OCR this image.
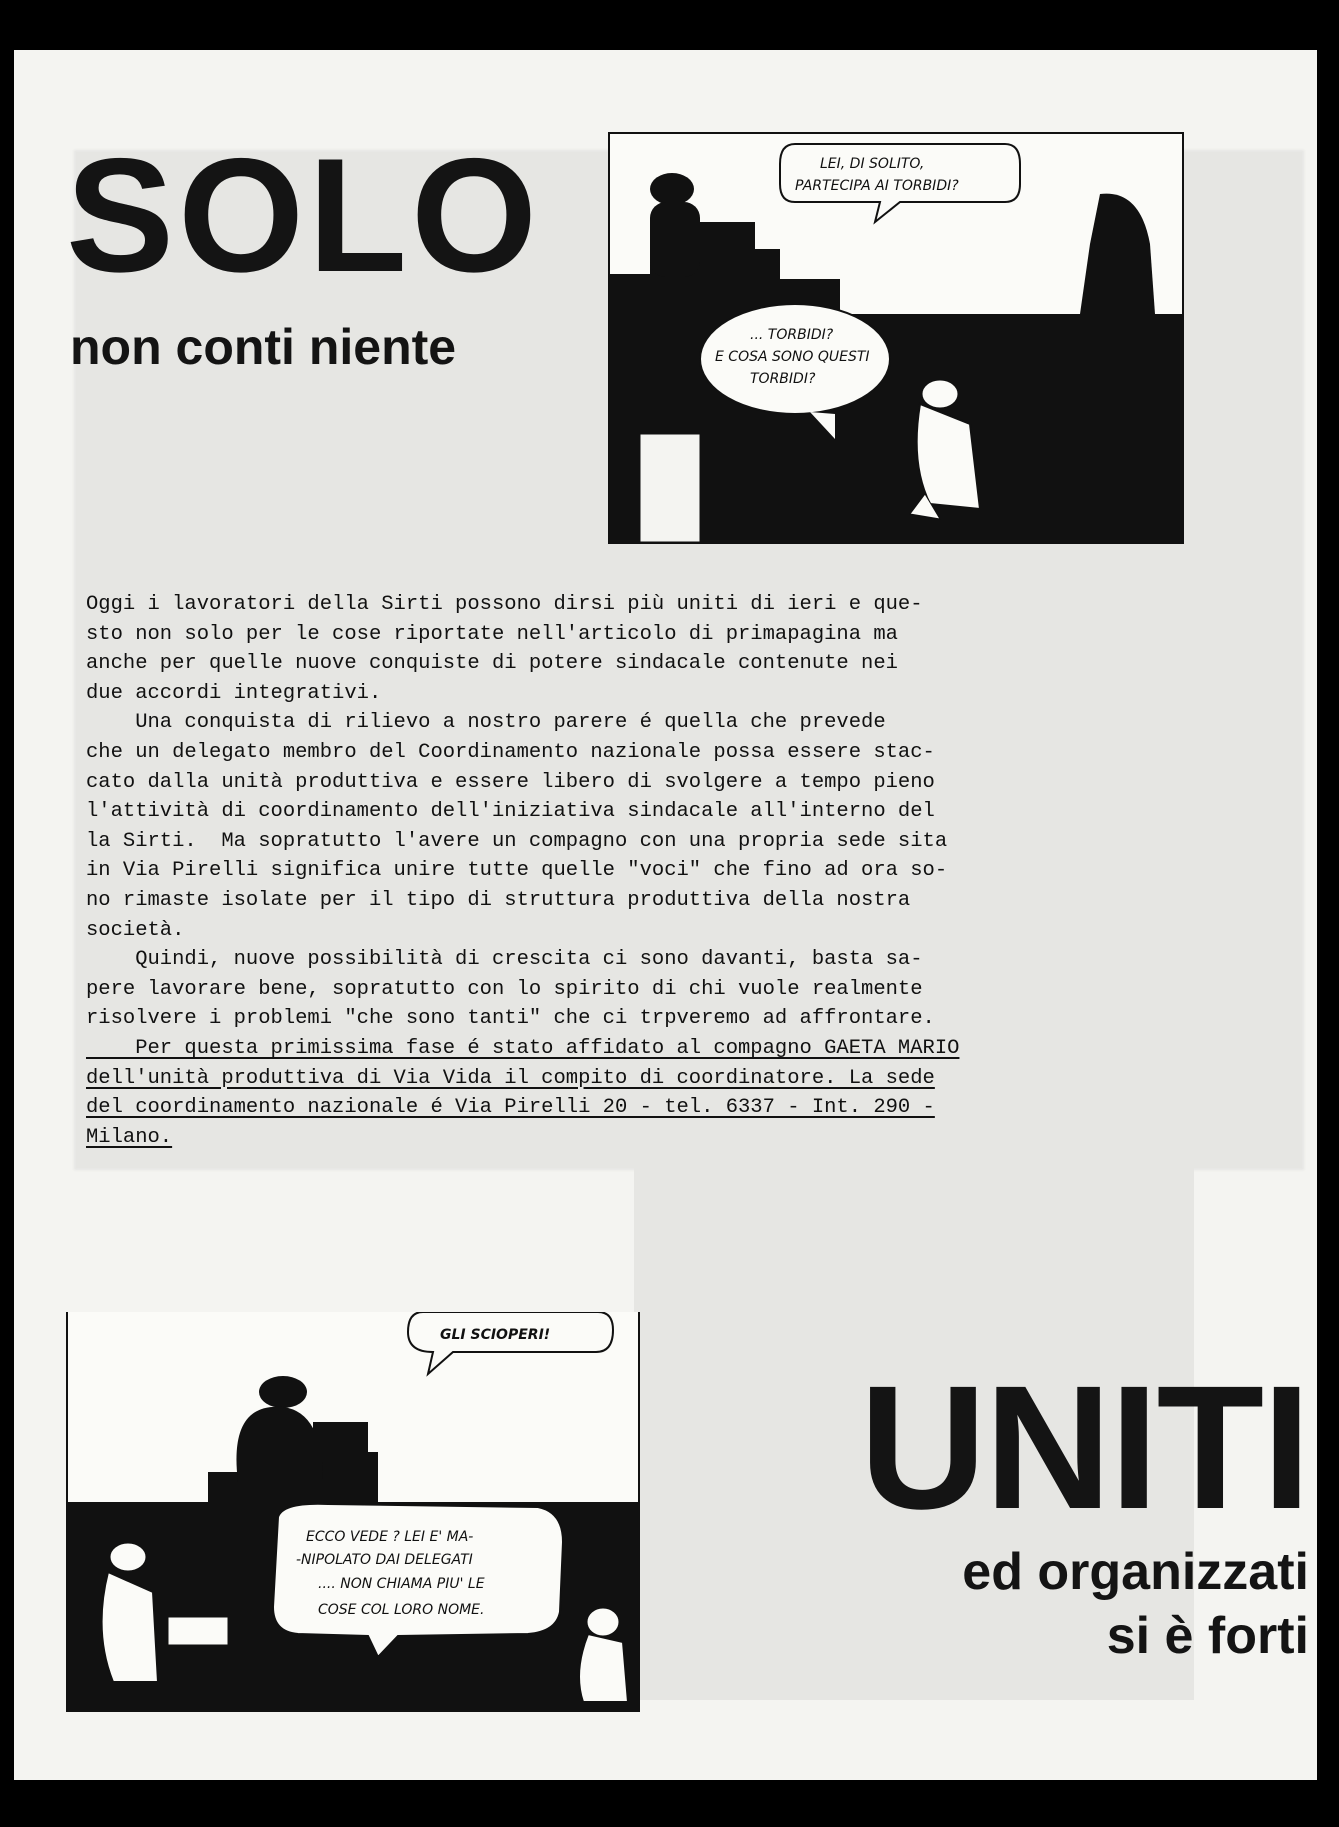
SOLO
non conti niente
LEI, DI SOLITO,
PARTECIPA AI TORBIDI?
... TORBIDI?
E COSA SONO QUESTI
TORBIDI?

Oggi i lavoratori della Sirti possono dirsi più uniti di ieri e que-

sto non solo per le cose riportate nell'articolo di primapagina ma

anche per quelle nuove conquiste di potere sindacale contenute nei

due accordi integrativi.

Una conquista di rilievo a nostro parere é quella che prevede

che un delegato membro del Coordinamento nazionale possa essere stac-

cato dalla unità produttiva e essere libero di svolgere a tempo pieno

l'attività di coordinamento dell'iniziativa sindacale all'interno del

la Sirti.  Ma sopratutto l'avere un compagno con una propria sede sita

in Via Pirelli significa unire tutte quelle "voci" che fino ad ora so-

no rimaste isolate per il tipo di struttura produttiva della nostra

società.

Quindi, nuove possibilità di crescita ci sono davanti, basta sa-

pere lavorare bene, sopratutto con lo spirito di chi vuole realmente

risolvere i problemi "che sono tanti" che ci trpveremo ad affrontare.

Per questa primissima fase é stato affidato al compagno GAETA MARIO

dell'unità produttiva di Via Vida il compito di coordinatore. La sede

del coordinamento nazionale é Via Pirelli 20 - tel. 6337 - Int. 290 -

Milano.

GLI SCIOPERI!
ECCO VEDE ? LEI E' MA-
-NIPOLATO DAI DELEGATI
.... NON CHIAMA PIU' LE
COSE COL LORO NOME.
UNITI
ed organizzati
si è forti
